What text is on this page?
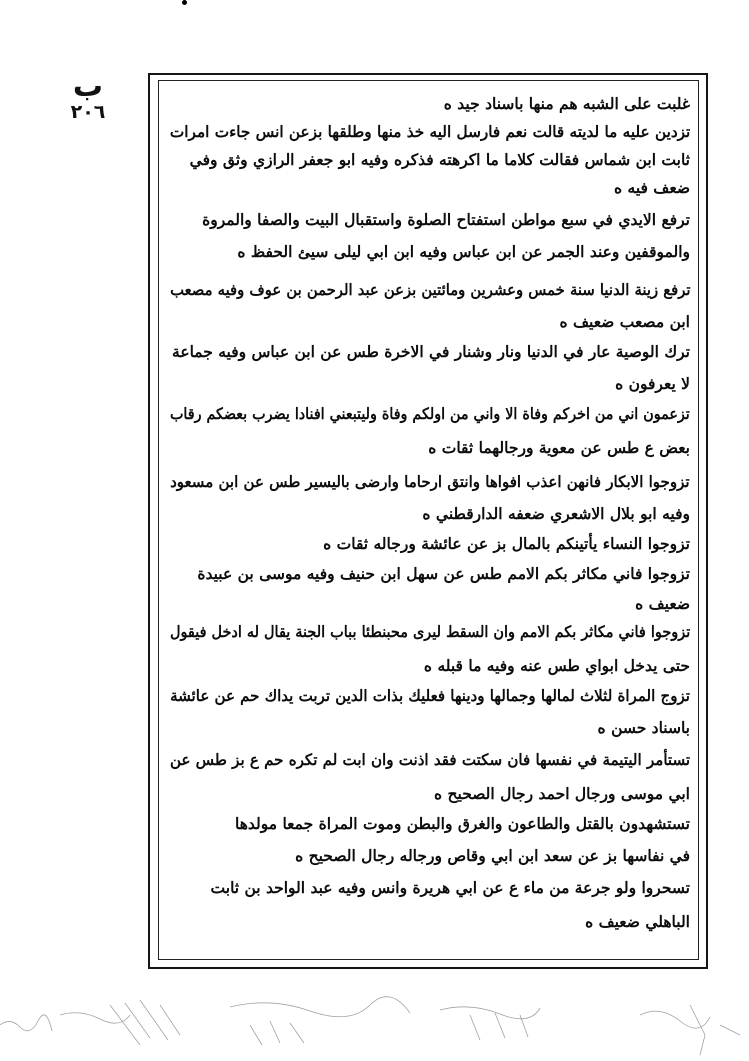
ب
٢٠٦	غلبت على الشبه هم منها باسناد جيد ه
تزدين عليه ما لديته قالت نعم فارسل اليه خذ منها وطلقها بزعن انس جاءت امرات
ثابت ابن شماس فقالت كلاما ما اكرهته فذكره وفيه ابو جعفر الرازي وثق وفي
ضعف فيه ه
ترفع الايدي في سبع مواطن استفتاح الصلوة واستقبال البيت والصفا والمروة
والموقفين وعند الجمر عن ابن عباس وفيه ابن ابي ليلى سيئ الحفظ ه
ترفع زينة الدنيا سنة خمس وعشرين ومائتين بزعن عبد الرحمن بن عوف وفيه مصعب
ابن مصعب ضعيف ه
ترك الوصية عار في الدنيا ونار وشنار في الاخرة طس عن ابن عباس وفيه جماعة
لا يعرفون ه
تزعمون اني من اخركم وفاة الا واني من اولكم وفاة وليتبعني افنادا يضرب بعضكم رقاب
بعض ع طس عن معوية ورجالهما ثقات ه
تزوجوا الابكار فانهن اعذب افواها وانتق ارحاما وارضى باليسير طس عن ابن مسعود
وفيه ابو بلال الاشعري ضعفه الدارقطني ه
تزوجوا النساء يأتينكم بالمال بز عن عائشة ورجاله ثقات ه
تزوجوا فاني مكاثر بكم الامم طس عن سهل ابن حنيف وفيه موسى بن عبيدة
ضعيف ه
تزوجوا فاني مكاثر بكم الامم وان السقط ليرى محبنطئا بباب الجنة يقال له ادخل فيقول
حتى يدخل ابواي طس عنه وفيه ما قبله ه
تزوج المراة لثلاث لمالها وجمالها ودينها فعليك بذات الدين تربت يداك حم عن عائشة
باسناد حسن ه
تستأمر اليتيمة في نفسها فان سكتت فقد اذنت وان ابت لم تكره حم ع بز طس عن
ابي موسى ورجال احمد رجال الصحيح ه
تستشهدون بالقتل والطاعون والغرق والبطن وموت المراة جمعا مولدها
في نفاسها بز عن سعد ابن ابي وقاص ورجاله رجال الصحيح ه
تسحروا ولو جرعة من ماء ع عن ابي هريرة وانس وفيه عبد الواحد بن ثابت
الباهلي ضعيف ه
